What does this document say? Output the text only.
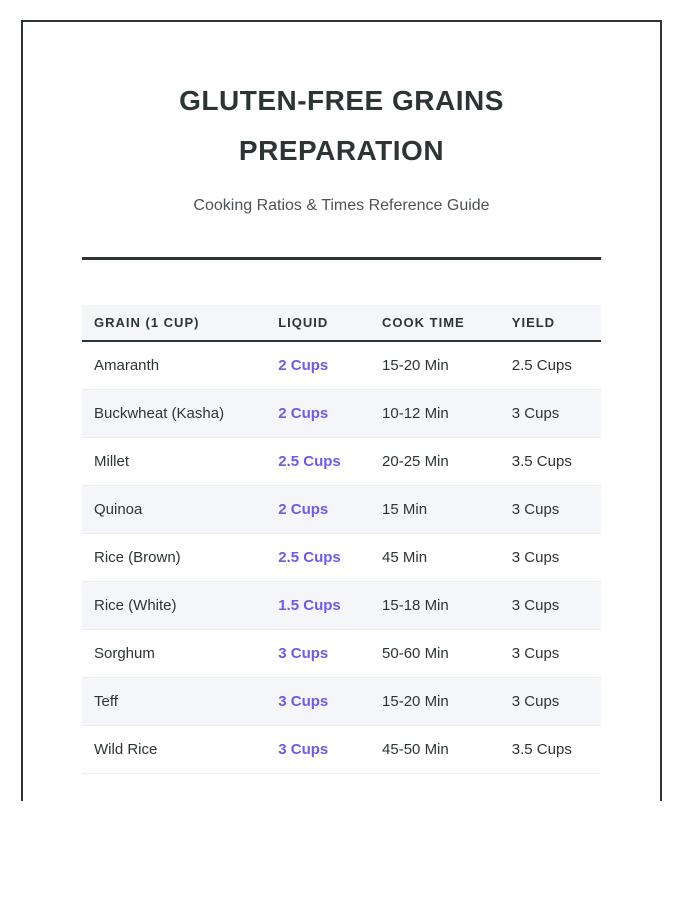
GLUTEN-FREE GRAINS PREPARATION

Cooking Ratios & Times Reference Guide

GRAIN (1 CUP)	LIQUID	COOK TIME	YIELD
Amaranth	2 Cups	15-20 Min	2.5 Cups
Buckwheat (Kasha)	2 Cups	10-12 Min	3 Cups
Millet	2.5 Cups	20-25 Min	3.5 Cups
Quinoa	2 Cups	15 Min	3 Cups
Rice (Brown)	2.5 Cups	45 Min	3 Cups
Rice (White)	1.5 Cups	15-18 Min	3 Cups
Sorghum	3 Cups	50-60 Min	3 Cups
Teff	3 Cups	15-20 Min	3 Cups
Wild Rice	3 Cups	45-50 Min	3.5 Cups
